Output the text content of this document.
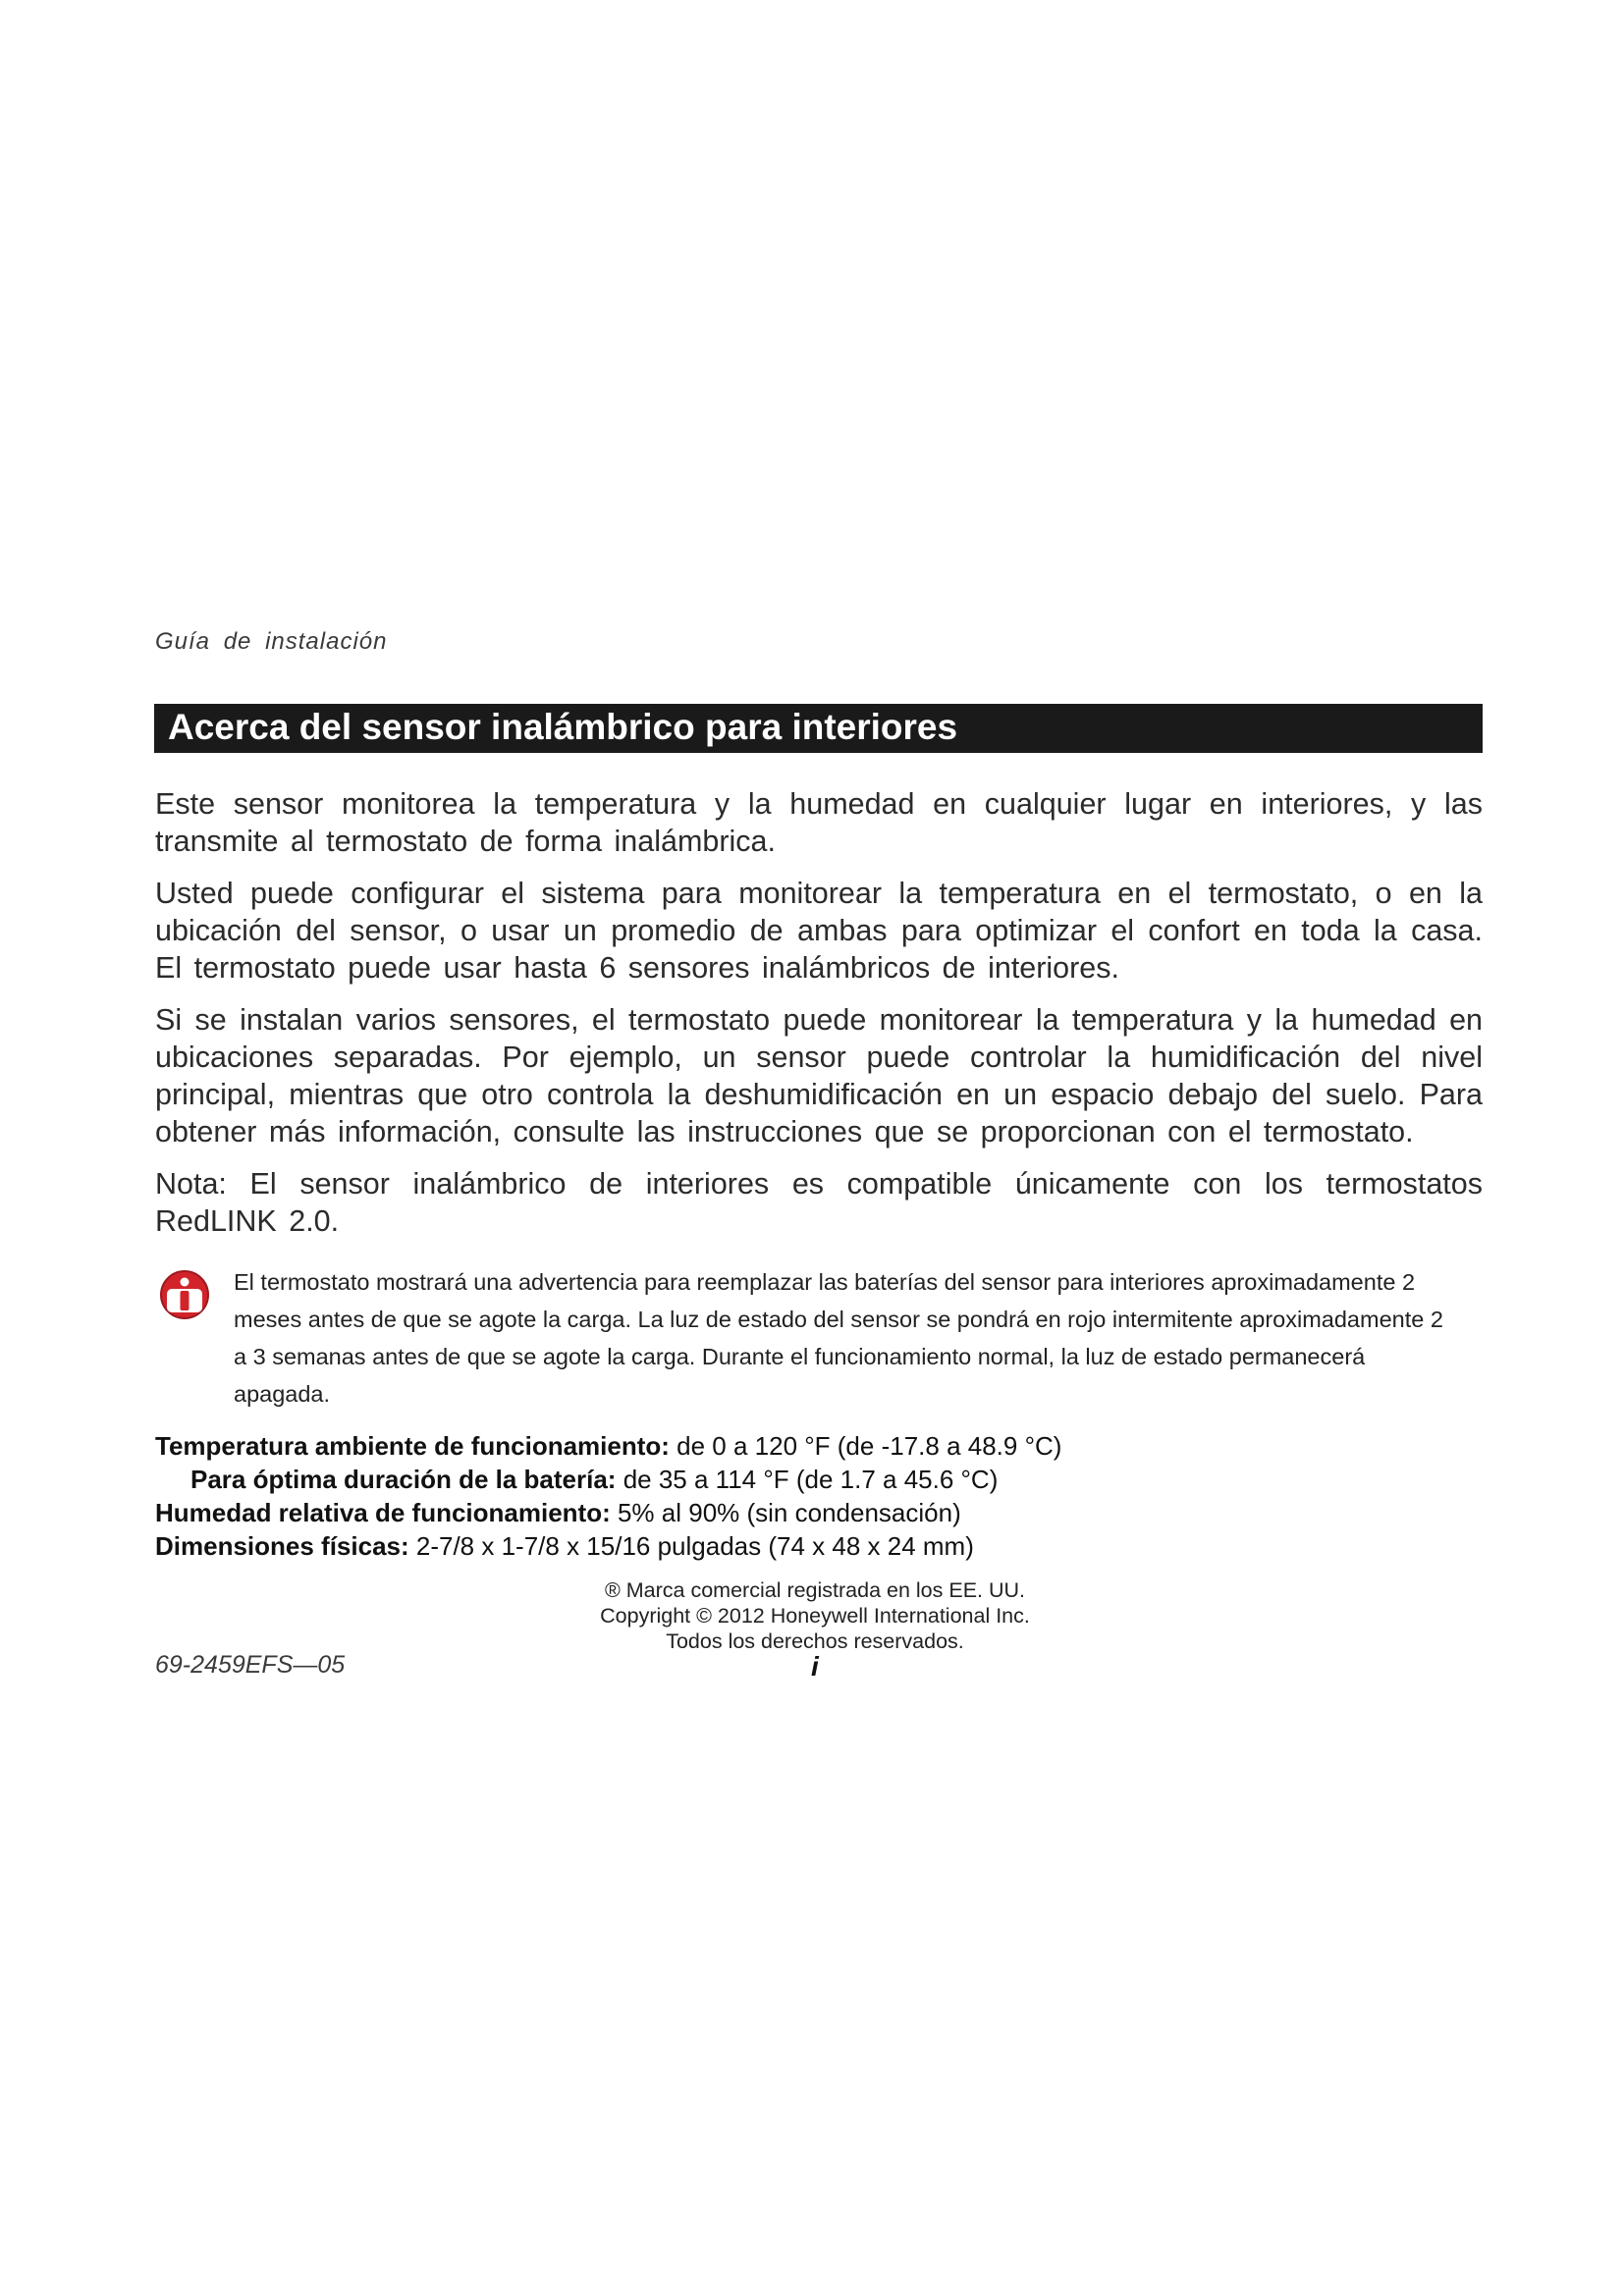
Guía de instalación
Acerca del sensor inalámbrico para interiores

Este sensor monitorea la temperatura y la humedad en cualquier lugar en interiores, y las transmite al termostato de forma inalámbrica.

Usted puede configurar el sistema para monitorear la temperatura en el termostato, o en la ubicación del sensor, o usar un promedio de ambas para optimizar el confort en toda la casa. El termostato puede usar hasta 6 sensores inalámbricos de interiores.

Si se instalan varios sensores, el termostato puede monitorear la temperatura y la humedad en ubicaciones separadas. Por ejemplo, un sensor puede controlar la humidificación del nivel principal, mientras que otro controla la deshumidificación en un espacio debajo del suelo. Para obtener más información, consulte las instrucciones que se proporcionan con el termostato.

Nota: El sensor inalámbrico de interiores es compatible únicamente con los termostatos RedLINK 2.0.

El termostato mostrará una advertencia para reemplazar las baterías del sensor para interiores aproximadamente 2 meses antes de que se agote la carga. La luz de estado del sensor se pondrá en rojo intermitente aproximadamente 2 a 3 semanas antes de que se agote la carga. Durante el funcionamiento normal, la luz de estado permanecerá apagada.
Temperatura ambiente de funcionamiento: de 0 a 120 °F (de -17.8 a 48.9 °C)
Para óptima duración de la batería: de 35 a 114 °F (de 1.7 a 45.6 °C)
Humedad relativa de funcionamiento: 5% al 90% (sin condensación)
Dimensiones físicas: 2-7/8 x 1-7/8 x 15/16 pulgadas (74 x 48 x 24 mm)
® Marca comercial registrada en los EE. UU.
Copyright © 2012 Honeywell International Inc.
Todos los derechos reservados.
69-2459EFS—05	i
